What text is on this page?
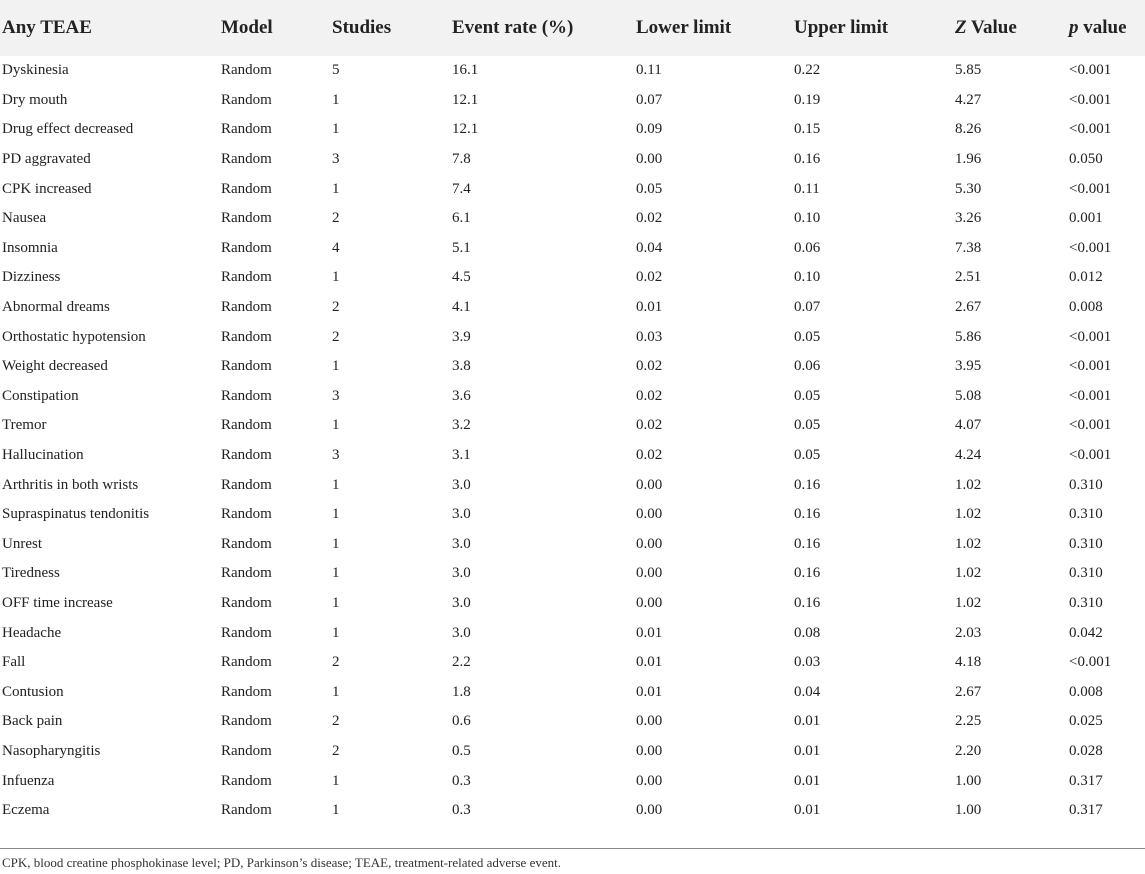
Any TEAE	Model	Studies	Event rate (%)	Lower limit	Upper limit	Z Value	p value
Dyskinesia	Random	5	16.1	0.11	0.22	5.85	<0.001
Dry mouth	Random	1	12.1	0.07	0.19	4.27	<0.001
Drug effect decreased	Random	1	12.1	0.09	0.15	8.26	<0.001
PD aggravated	Random	3	7.8	0.00	0.16	1.96	0.050
CPK increased	Random	1	7.4	0.05	0.11	5.30	<0.001
Nausea	Random	2	6.1	0.02	0.10	3.26	0.001
Insomnia	Random	4	5.1	0.04	0.06	7.38	<0.001
Dizziness	Random	1	4.5	0.02	0.10	2.51	0.012
Abnormal dreams	Random	2	4.1	0.01	0.07	2.67	0.008
Orthostatic hypotension	Random	2	3.9	0.03	0.05	5.86	<0.001
Weight decreased	Random	1	3.8	0.02	0.06	3.95	<0.001
Constipation	Random	3	3.6	0.02	0.05	5.08	<0.001
Tremor	Random	1	3.2	0.02	0.05	4.07	<0.001
Hallucination	Random	3	3.1	0.02	0.05	4.24	<0.001
Arthritis in both wrists	Random	1	3.0	0.00	0.16	1.02	0.310
Supraspinatus tendonitis	Random	1	3.0	0.00	0.16	1.02	0.310
Unrest	Random	1	3.0	0.00	0.16	1.02	0.310
Tiredness	Random	1	3.0	0.00	0.16	1.02	0.310
OFF time increase	Random	1	3.0	0.00	0.16	1.02	0.310
Headache	Random	1	3.0	0.01	0.08	2.03	0.042
Fall	Random	2	2.2	0.01	0.03	4.18	<0.001
Contusion	Random	1	1.8	0.01	0.04	2.67	0.008
Back pain	Random	2	0.6	0.00	0.01	2.25	0.025
Nasopharyngitis	Random	2	0.5	0.00	0.01	2.20	0.028
Infuenza	Random	1	0.3	0.00	0.01	1.00	0.317
Eczema	Random	1	0.3	0.00	0.01	1.00	0.317
CPK, blood creatine phosphokinase level; PD, Parkinson’s disease; TEAE, treatment-related adverse event.
